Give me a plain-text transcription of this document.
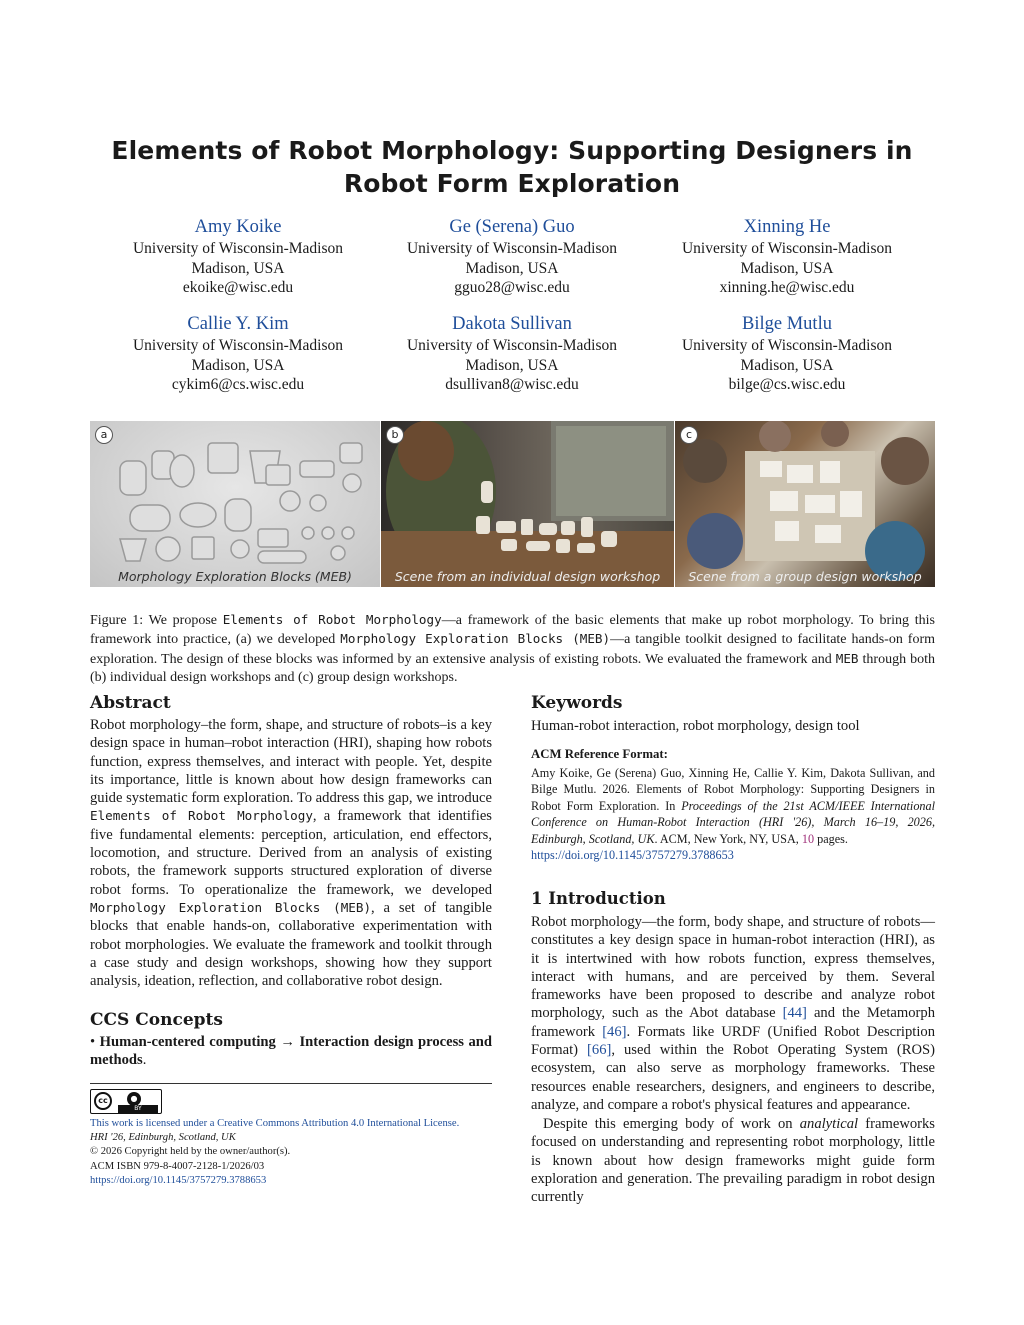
Elements of Robot Morphology: Supporting Designers in Robot Form Exploration
Amy Koike
University of Wisconsin-Madison
Madison, USA
ekoike@wisc.edu
Ge (Serena) Guo
University of Wisconsin-Madison
Madison, USA
gguo28@wisc.edu
Xinning He
University of Wisconsin-Madison
Madison, USA
xinning.he@wisc.edu
Callie Y. Kim
University of Wisconsin-Madison
Madison, USA
cykim6@cs.wisc.edu
Dakota Sullivan
University of Wisconsin-Madison
Madison, USA
dsullivan8@wisc.edu
Bilge Mutlu
University of Wisconsin-Madison
Madison, USA
bilge@cs.wisc.edu
a
Morphology Exploration Blocks (MEB)
b
Scene from an individual design workshop
c
Scene from a group design workshop
Figure 1: We propose Elements of Robot Morphology—a framework of the basic elements that make up robot morphology. To bring this framework into practice, (a) we developed Morphology Exploration Blocks (MEB)—a tangible toolkit designed to facilitate hands-on form exploration. The design of these blocks was informed by an extensive analysis of existing robots. We evaluated the framework and MEB through both (b) individual design workshops and (c) group design workshops.
Abstract
Robot morphology–the form, shape, and structure of robots–is a key design space in human–robot interaction (HRI), shaping how robots function, express themselves, and interact with people. Yet, despite its importance, little is known about how design frameworks can guide systematic form exploration. To address this gap, we introduce Elements of Robot Morphology, a framework that identifies five fundamental elements: perception, articulation, end effectors, locomotion, and structure. Derived from an analysis of existing robots, the framework supports structured exploration of diverse robot forms. To operationalize the framework, we developed Morphology Exploration Blocks (MEB), a set of tangible blocks that enable hands-on, collaborative experimentation with robot morphologies. We evaluate the framework and toolkit through a case study and design workshops, showing how they support analysis, ideation, reflection, and collaborative robot design.
CCS Concepts
• Human-centered computing → Interaction design process and methods.
cc	●
BY
This work is licensed under a Creative Commons Attribution 4.0 International License.
HRI '26, Edinburgh, Scotland, UK
© 2026 Copyright held by the owner/author(s).
ACM ISBN 979-8-4007-2128-1/2026/03
https://doi.org/10.1145/3757279.3788653
Keywords
Human-robot interaction, robot morphology, design tool
ACM Reference Format:
Amy Koike, Ge (Serena) Guo, Xinning He, Callie Y. Kim, Dakota Sullivan, and Bilge Mutlu. 2026. Elements of Robot Morphology: Supporting Designers in Robot Form Exploration. In Proceedings of the 21st ACM/IEEE International Conference on Human-Robot Interaction (HRI '26), March 16–19, 2026, Edinburgh, Scotland, UK. ACM, New York, NY, USA, 10 pages.
https://doi.org/10.1145/3757279.3788653
1 Introduction
Robot morphology—the form, body shape, and structure of robots—constitutes a key design space in human-robot interaction (HRI), as it is intertwined with how robots function, express themselves, interact with humans, and are perceived by them. Several frameworks have been proposed to describe and analyze robot morphology, such as the Abot database [44] and the Metamorph framework [46]. Formats like URDF (Unified Robot Description Format) [66], used within the Robot Operating System (ROS) ecosystem, can also serve as morphology frameworks. These resources enable researchers, designers, and engineers to describe, analyze, and compare a robot's physical features and appearance.
Despite this emerging body of work on analytical frameworks focused on understanding and representing robot morphology, little is known about how design frameworks might guide form exploration and generation. The prevailing paradigm in robot design currently
